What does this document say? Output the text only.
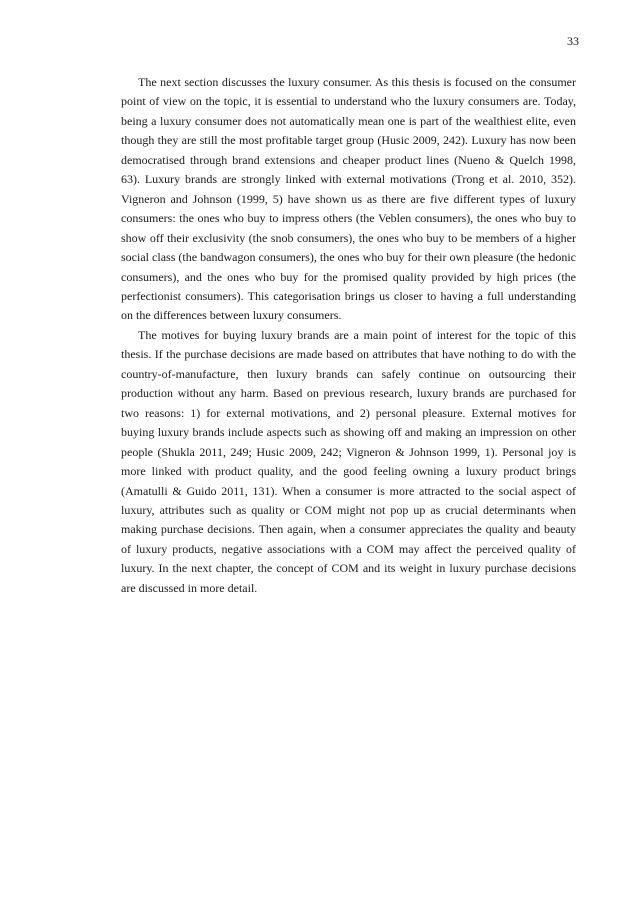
33

The next section discusses the luxury consumer. As this thesis is focused on the consumer point of view on the topic, it is essential to understand who the luxury consumers are. Today, being a luxury consumer does not automatically mean one is part of the wealthiest elite, even though they are still the most profitable target group (Husic 2009, 242). Luxury has now been democratised through brand extensions and cheaper product lines (Nueno & Quelch 1998, 63). Luxury brands are strongly linked with external motivations (Trong et al. 2010, 352). Vigneron and Johnson (1999, 5) have shown us as there are five different types of luxury consumers: the ones who buy to impress others (the Veblen consumers), the ones who buy to show off their exclusivity (the snob consumers), the ones who buy to be members of a higher social class (the bandwagon consumers), the ones who buy for their own pleasure (the hedonic consumers), and the ones who buy for the promised quality provided by high prices (the perfectionist consumers). This categorisation brings us closer to having a full understanding on the differences between luxury consumers.

The motives for buying luxury brands are a main point of interest for the topic of this thesis. If the purchase decisions are made based on attributes that have nothing to do with the country-of-manufacture, then luxury brands can safely continue on outsourcing their production without any harm. Based on previous research, luxury brands are purchased for two reasons: 1) for external motivations, and 2) personal pleasure. External motives for buying luxury brands include aspects such as showing off and making an impression on other people (Shukla 2011, 249; Husic 2009, 242; Vigneron & Johnson 1999, 1). Personal joy is more linked with product quality, and the good feeling owning a luxury product brings (Amatulli & Guido 2011, 131). When a consumer is more attracted to the social aspect of luxury, attributes such as quality or COM might not pop up as crucial determinants when making purchase decisions. Then again, when a consumer appreciates the quality and beauty of luxury products, negative associations with a COM may affect the perceived quality of luxury. In the next chapter, the concept of COM and its weight in luxury purchase decisions are discussed in more detail.
